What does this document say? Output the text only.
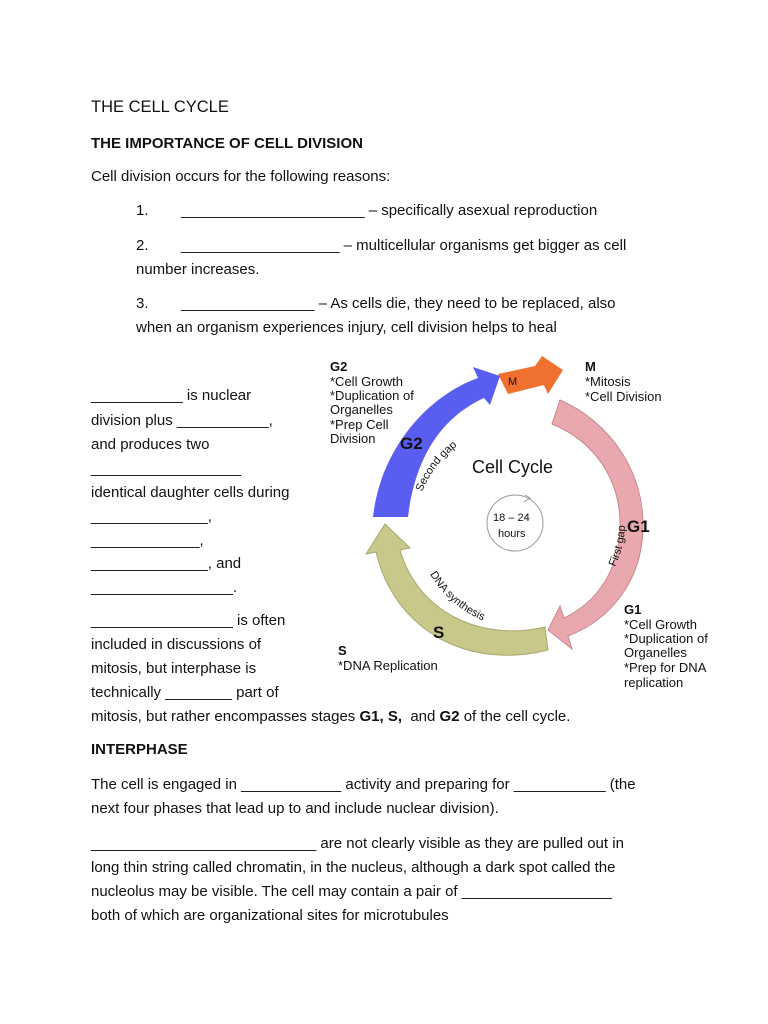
THE CELL CYCLE
THE IMPORTANCE OF CELL DIVISION
Cell division occurs for the following reasons:
1. ______________________ – specifically asexual reproduction
2. ___________________ – multicellular organisms get bigger as cell
number increases.
3. ________________ – As cells die, they need to be replaced, also
when an organism experiences injury, cell division helps to heal
___________ is nuclear
division plus ___________,
and produces two
__________________
identical daughter cells during
______________,
_____________,
______________, and
_________________.
_________________ is often
included in discussions of
mitosis, but interphase is
technically ________ part of
mitosis, but rather encompasses stages G1, S,  and G2 of the cell cycle.
INTERPHASE
The cell is engaged in ____________ activity and preparing for ___________ (the
next four phases that lead up to and include nuclear division).
___________________________ are not clearly visible as they are pulled out in
long thin string called chromatin, in the nucleus, although a dark spot called the
nucleolus may be visible. The cell may contain a pair of __________________
both of which are organizational sites for microtubules
Second gap
First gap
DNA synthesis
G2
G1
S
M
Cell Cycle
18 – 24
hours
G2
*Cell Growth
*Duplication of
Organelles
*Prep Cell
Division
M
*Mitosis
*Cell Division
G1
*Cell Growth
*Duplication of
Organelles
*Prep for DNA
replication
S
*DNA Replication
